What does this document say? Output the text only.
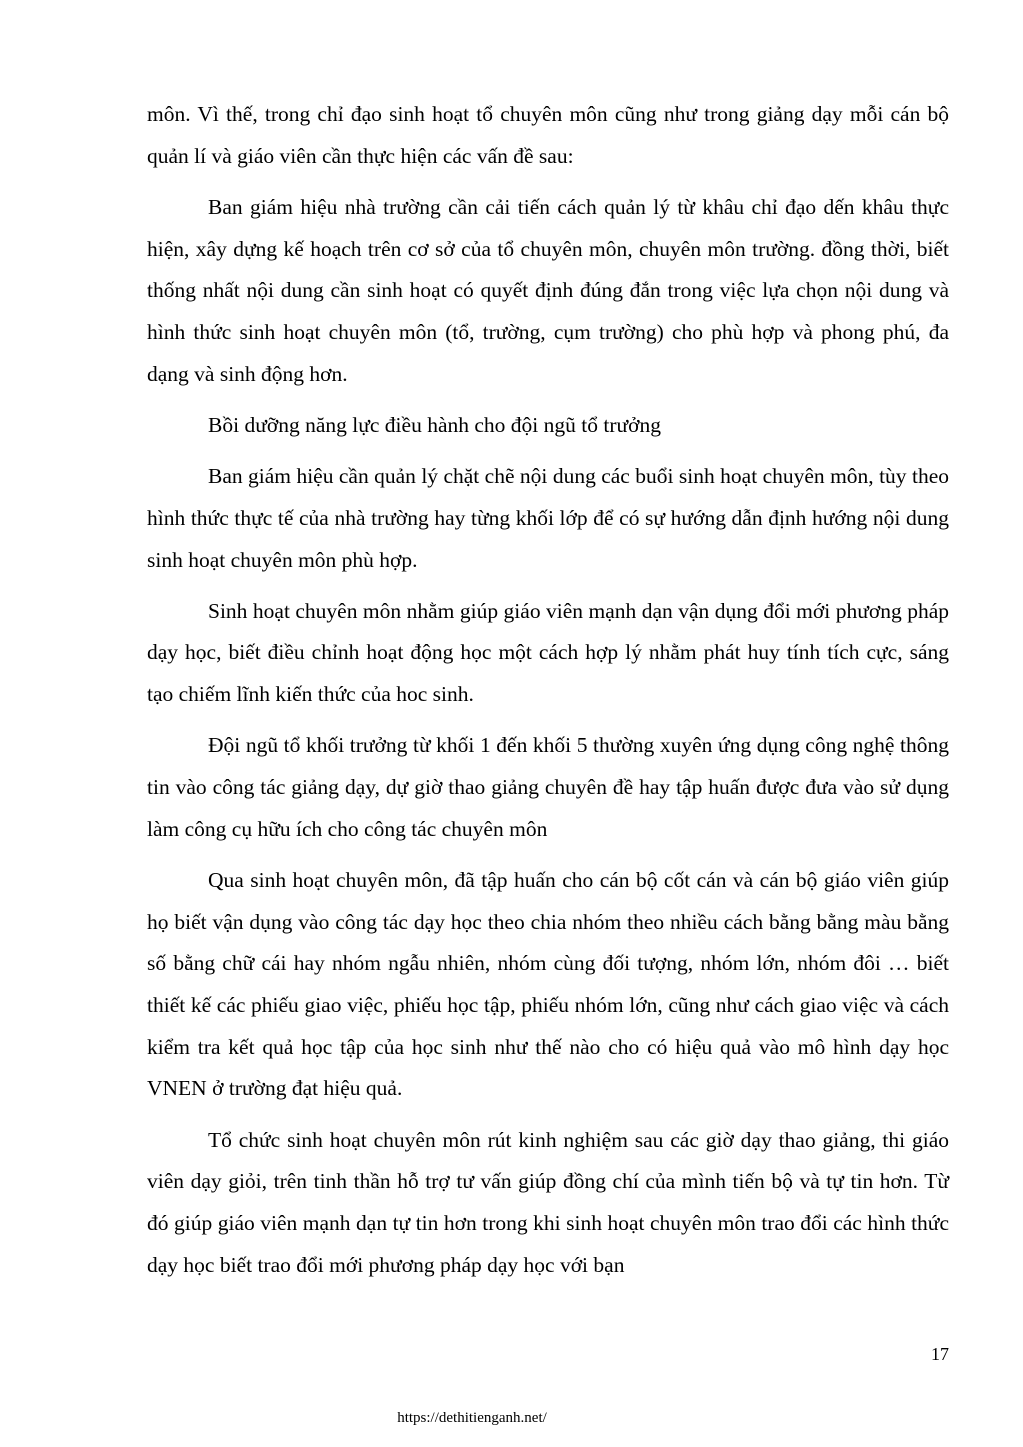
môn. Vì thế, trong chỉ đạo sinh hoạt tổ chuyên môn cũng như trong giảng dạy mỗi cán bộ quản lí và giáo viên cần thực hiện các vấn đề sau:

Ban giám hiệu nhà trường cần cải tiến cách quản lý từ khâu chỉ đạo dến khâu thực hiện, xây dựng kế hoạch trên cơ sở của tổ chuyên môn, chuyên môn trường. đồng thời, biết thống nhất nội dung cần sinh hoạt có quyết định đúng đắn trong việc lựa chọn nội dung và hình thức sinh hoạt chuyên môn (tổ, trường, cụm trường) cho phù hợp và phong phú, đa dạng và sinh động hơn.

Bồi dưỡng năng lực điều hành cho đội ngũ tổ trưởng

Ban giám hiệu cần quản lý chặt chẽ nội dung các buổi sinh hoạt chuyên môn, tùy theo hình thức thực tế của nhà trường hay từng khối lớp để có sự hướng dẫn định hướng nội dung sinh hoạt chuyên môn phù hợp.

Sinh hoạt chuyên môn nhằm giúp giáo viên mạnh dạn vận dụng đổi mới phương pháp dạy học, biết điều chỉnh hoạt động học một cách hợp lý nhằm phát huy tính tích cực, sáng tạo chiếm lĩnh kiến thức của hoc sinh.

Đội ngũ tổ khối trưởng từ khối 1 đến khối 5 thường xuyên ứng dụng công nghệ thông tin vào công tác giảng dạy, dự giờ thao giảng chuyên đề hay tập huấn được đưa vào sử dụng làm công cụ hữu ích cho công tác chuyên môn

Qua sinh hoạt chuyên môn, đã tập huấn cho cán bộ cốt cán và cán bộ giáo viên giúp họ biết vận dụng vào công tác dạy học theo chia nhóm theo nhiều cách bằng bằng màu bằng số bằng chữ cái hay nhóm ngẫu nhiên, nhóm cùng đối tượng, nhóm lớn, nhóm đôi … biết thiết kế các phiếu giao việc, phiếu học tập, phiếu nhóm lớn, cũng như cách giao việc và cách kiểm tra kết quả học tập của học sinh như thế nào cho có hiệu quả vào mô hình dạy học VNEN ở trường đạt hiệu quả.

Tổ chức sinh hoạt chuyên môn rút kinh nghiệm sau các giờ dạy thao giảng, thi giáo viên dạy giỏi, trên tinh thần hỗ trợ tư vấn giúp đồng chí của mình tiến bộ và tự tin hơn. Từ đó giúp giáo viên mạnh dạn tự tin hơn trong khi sinh hoạt chuyên môn trao đổi các hình thức dạy học biết trao đổi mới phương pháp dạy học với bạn

17
https://dethitienganh.net/
